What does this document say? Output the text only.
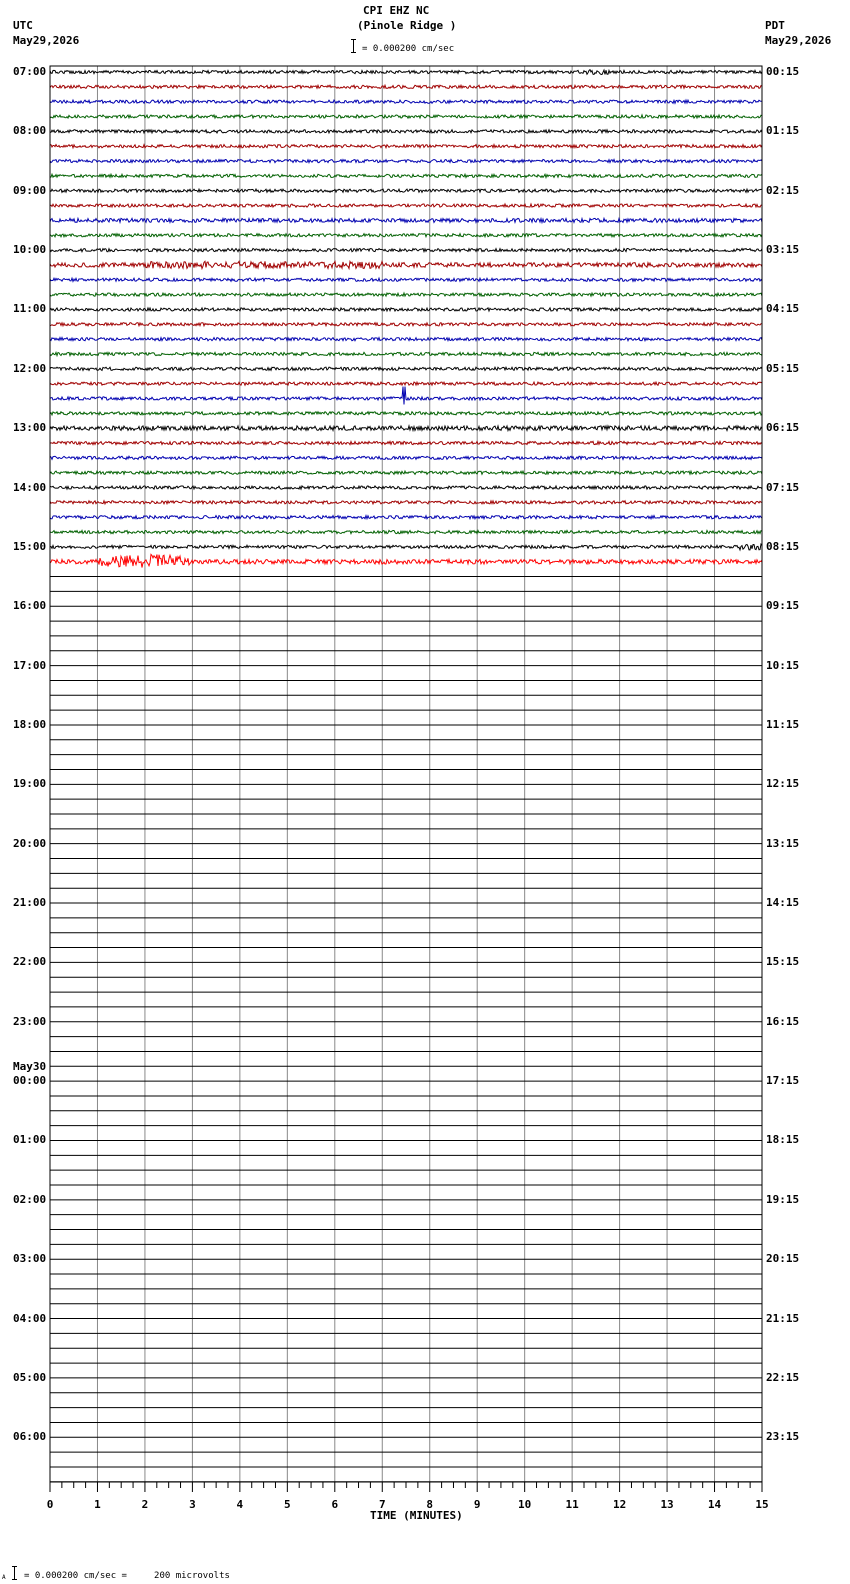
0	1	2	3	4	5	6	7	8	9	10	11	12	13	14	15
CPI EHZ NC
(Pinole Ridge )
= 0.000200 cm/sec
UTC
May29,2026
PDT
May29,2026
07:00
08:00
09:00
10:00
11:00
12:00
13:00
14:00
15:00
16:00
17:00
18:00
19:00
20:00
21:00
22:00
23:00
00:00
May30
01:00
02:00
03:00
04:00
05:00
06:00
00:15
01:15
02:15
03:15
04:15
05:15
06:15
07:15
08:15
09:15
10:15
11:15
12:15
13:15
14:15
15:15
16:15
17:15
18:15
19:15
20:15
21:15
22:15
23:15
TIME (MINUTES)
A = 0.000200 cm/sec =     200 microvolts
